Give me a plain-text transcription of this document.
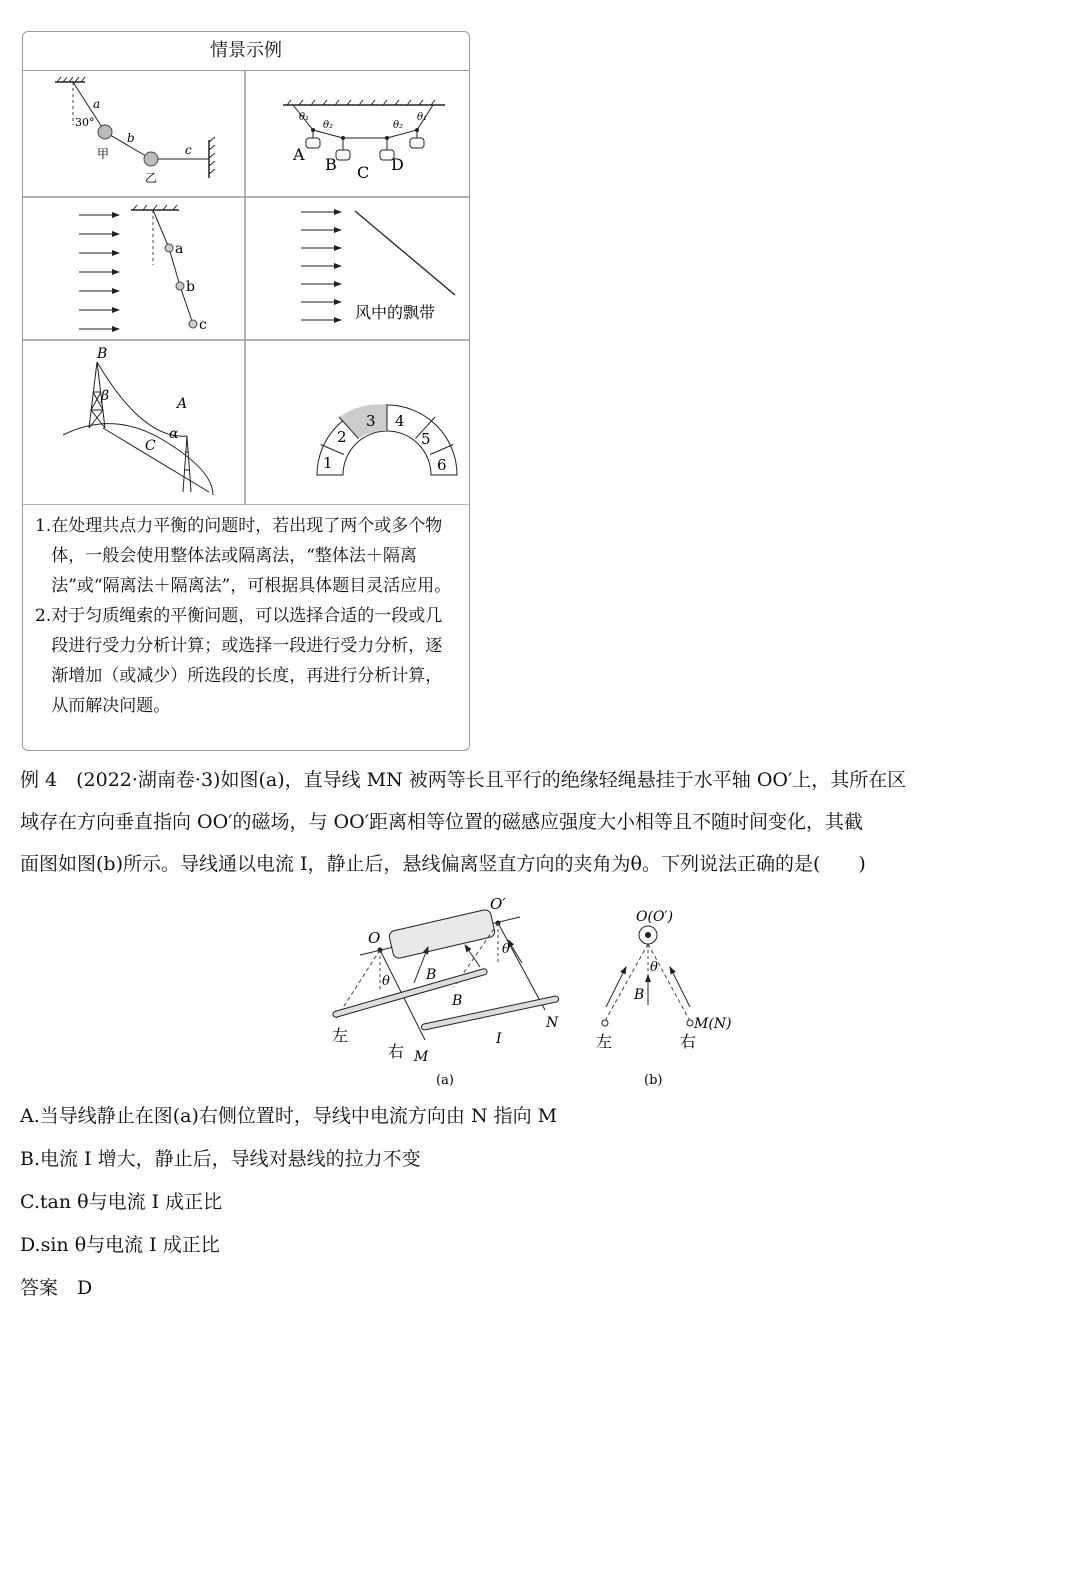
情景示例
a
30°
b
c
甲
乙
θ₁
θ₂	θ₂
θ₁
A
B C D
a
b
c
风中的飘带
B
β	A
α
C
1
2
3 4
5
6
1. 在处理共点力平衡的问题时，若出现了两个或多个物体，一般会使用整体法或隔离法，“整体法＋隔离法”或“隔离法＋隔离法”，可根据具体题目灵活应用。
2. 对于匀质绳索的平衡问题，可以选择合适的一段或几段进行受力分析计算；或选择一段进行受力分析，逐渐增加（或减少）所选段的长度，再进行分析计算，从而解决问题。
例 4　(2022·湖南卷·3)如图(a)，直导线 MN 被两等长且平行的绝缘轻绳悬挂于水平轴 OO′上，其所在区
域存在方向垂直指向 OO′的磁场，与 OO′距离相等位置的磁感应强度大小相等且不随时间变化，其截
面图如图(b)所示。导线通以电流 I，静止后，悬线偏离竖直方向的夹角为θ。下列说法正确的是(　　)
O
O′
θ
θ
B
B
左
右 M
N
I
(a)
O(O′)
θ
B
M(N)
左	右
(b)
A.当导线静止在图(a)右侧位置时，导线中电流方向由 N 指向 M
B.电流 I 增大，静止后，导线对悬线的拉力不变
C.tan θ与电流 I 成正比
D.sin θ与电流 I 成正比
答案　D
